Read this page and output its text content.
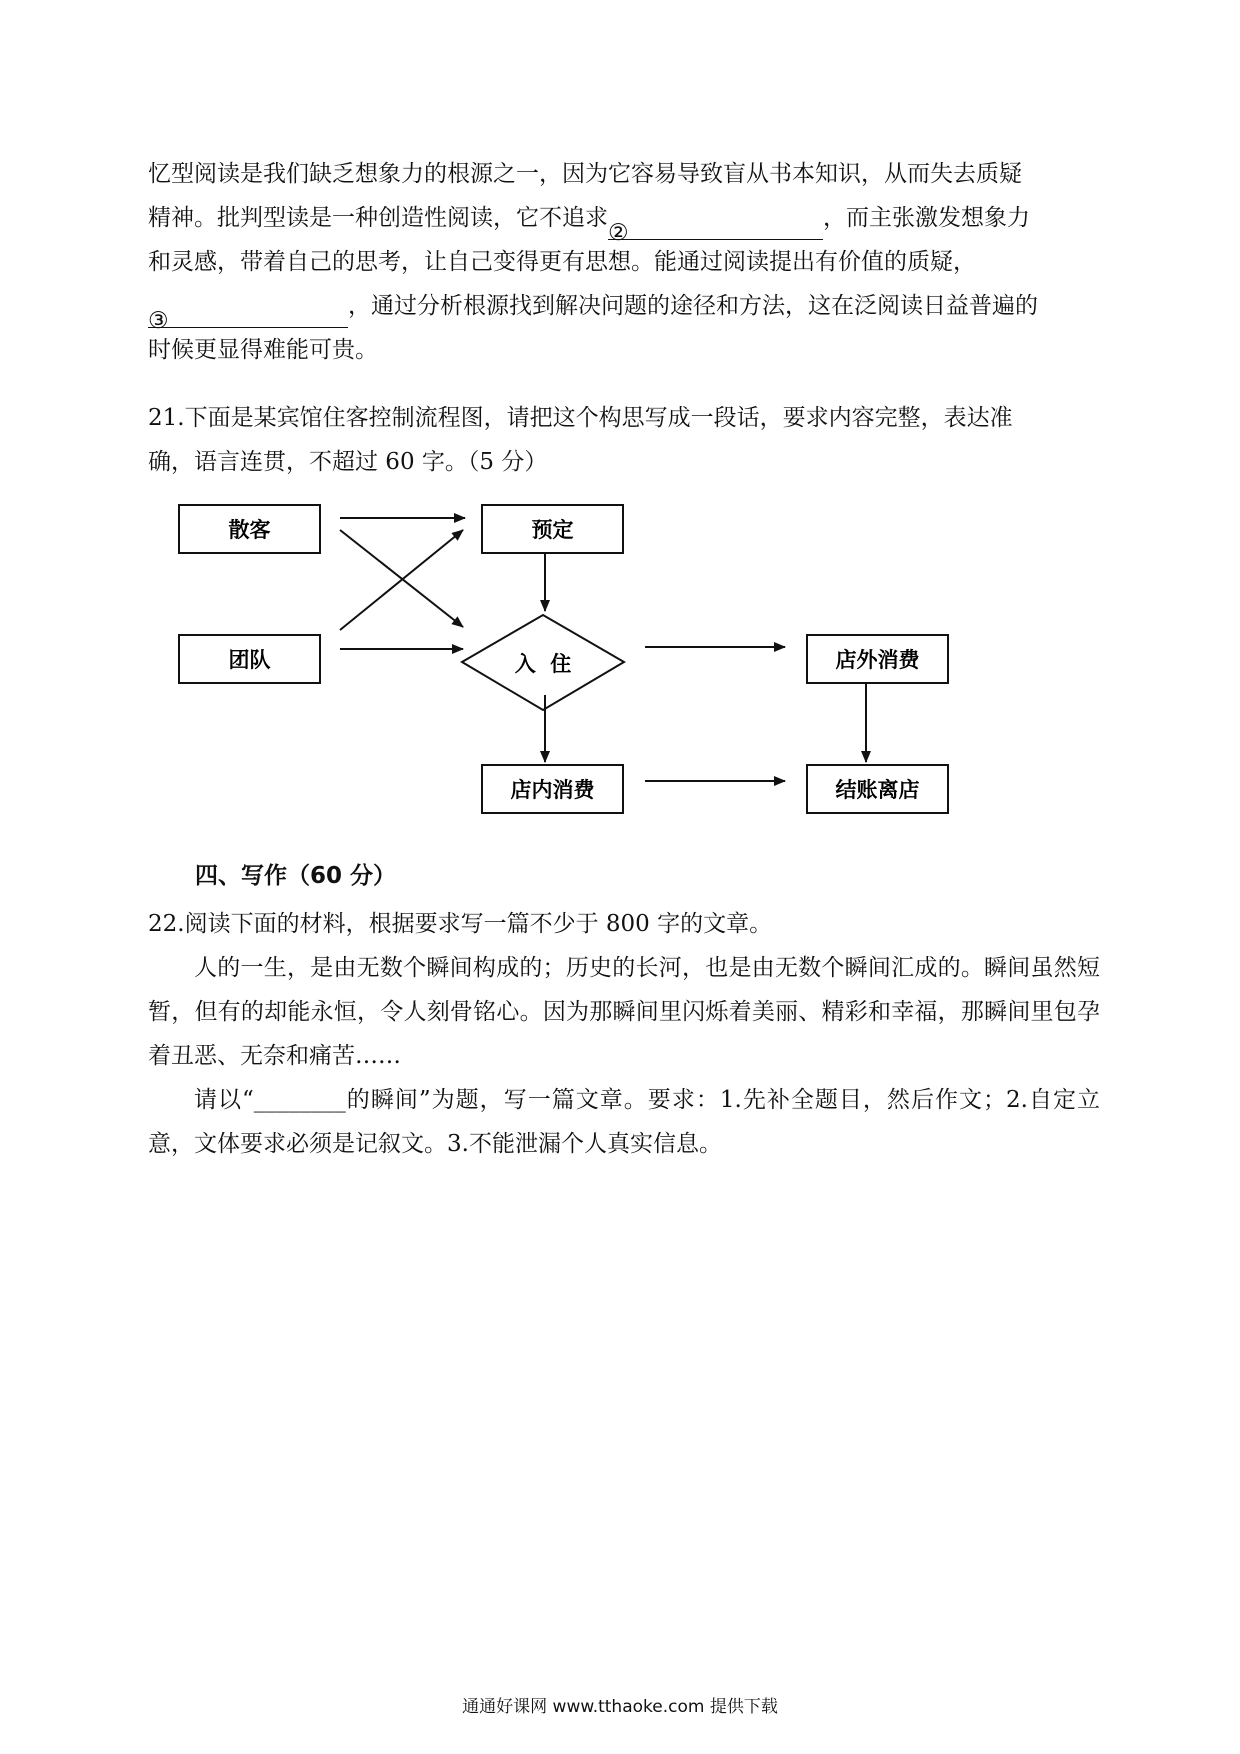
忆型阅读是我们缺乏想象力的根源之一，因为它容易导致盲从书本知识，从而失去质疑
精神。批判型读是一种创造性阅读，它不追求②，而主张激发想象力
和灵感，带着自己的思考，让自己变得更有思想。能通过阅读提出有价值的质疑，
③，通过分析根源找到解决问题的途径和方法，这在泛阅读日益普遍的
时候更显得难能可贵。
21.下面是某宾馆住客控制流程图，请把这个构思写成一段话，要求内容完整，表达准
确，语言连贯，不超过 60 字。（5 分）
散客	预定
团队	入  住	店外消费
店内消费	结账离店
四、写作（60 分）
22.阅读下面的材料，根据要求写一篇不少于 800 字的文章。
人的一生，是由无数个瞬间构成的；历史的长河，也是由无数个瞬间汇成的。瞬间虽然短暂，但有的却能永恒，令人刻骨铭心。因为那瞬间里闪烁着美丽、精彩和幸福，那瞬间里包孕着丑恶、无奈和痛苦……
请以“________的瞬间”为题，写一篇文章。要求：1.先补全题目，然后作文；2.自定立意，文体要求必须是记叙文。3.不能泄漏个人真实信息。
通通好课网 www.tthaoke.com 提供下载
